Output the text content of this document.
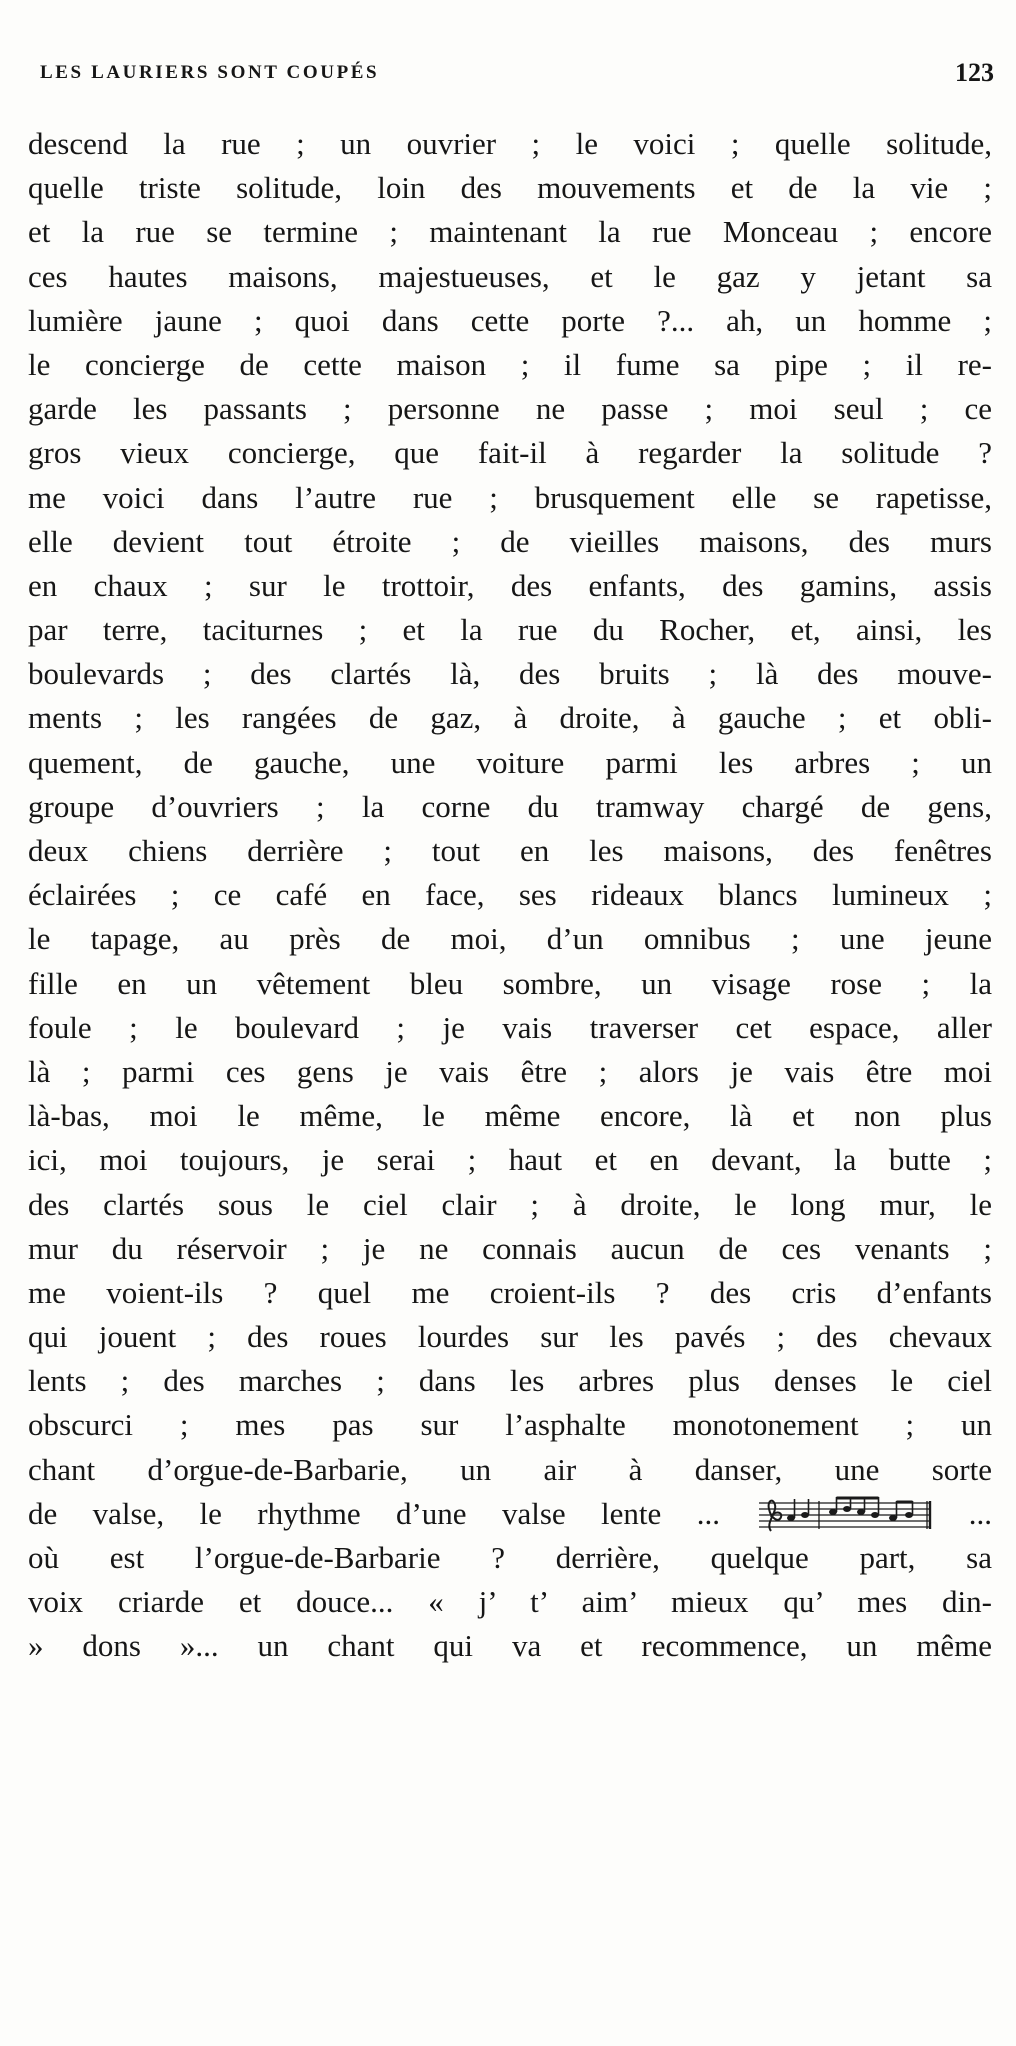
LES LAURIERS SONT COUPÉS	123
descend la rue ; un ouvrier ; le voici ; quelle solitude,
quelle triste solitude, loin des mouvements et de la vie ;
et la rue se termine ; maintenant la rue Monceau ; encore
ces hautes maisons, majestueuses, et le gaz y jetant sa
lumière jaune ; quoi dans cette porte ?... ah, un homme ;
le concierge de cette maison ; il fume sa pipe ; il re-
garde les passants ; personne ne passe ; moi seul ; ce
gros vieux concierge, que fait-il à regarder la solitude ?
me voici dans l’autre rue ; brusquement elle se rapetisse,
elle devient tout étroite ; de vieilles maisons, des murs
en chaux ; sur le trottoir, des enfants, des gamins, assis
par terre, taciturnes ; et la rue du Rocher, et, ainsi, les
boulevards ; des clartés là, des bruits ; là des mouve-
ments ; les rangées de gaz, à droite, à gauche ; et obli-
quement, de gauche, une voiture parmi les arbres ; un
groupe d’ouvriers ; la corne du tramway chargé de gens,
deux chiens derrière ; tout en les maisons, des fenêtres
éclairées ; ce café en face, ses rideaux blancs lumineux ;
le tapage, au près de moi, d’un omnibus ; une jeune
fille en un vêtement bleu sombre, un visage rose ; la
foule ; le boulevard ; je vais traverser cet espace, aller
là ; parmi ces gens je vais être ; alors je vais être moi
là-bas, moi le même, le même encore, là et non plus
ici, moi toujours, je serai ; haut et en devant, la butte ;
des clartés sous le ciel clair ; à droite, le long mur, le
mur du réservoir ; je ne connais aucun de ces venants ;
me voient-ils ? quel me croient-ils ? des cris d’enfants
qui jouent ; des roues lourdes sur les pavés ; des chevaux
lents ; des marches ; dans les arbres plus denses le ciel
obscurci ; mes pas sur l’asphalte monotonement ; un
chant d’orgue-de-Barbarie, un air à danser, une sorte
de valse, le rhythme d’une valse lente ...	...
où est l’orgue-de-Barbarie ? derrière, quelque part, sa
voix criarde et douce... « j’ t’ aim’ mieux qu’ mes din-
» dons »... un chant qui va et recommence, un même
